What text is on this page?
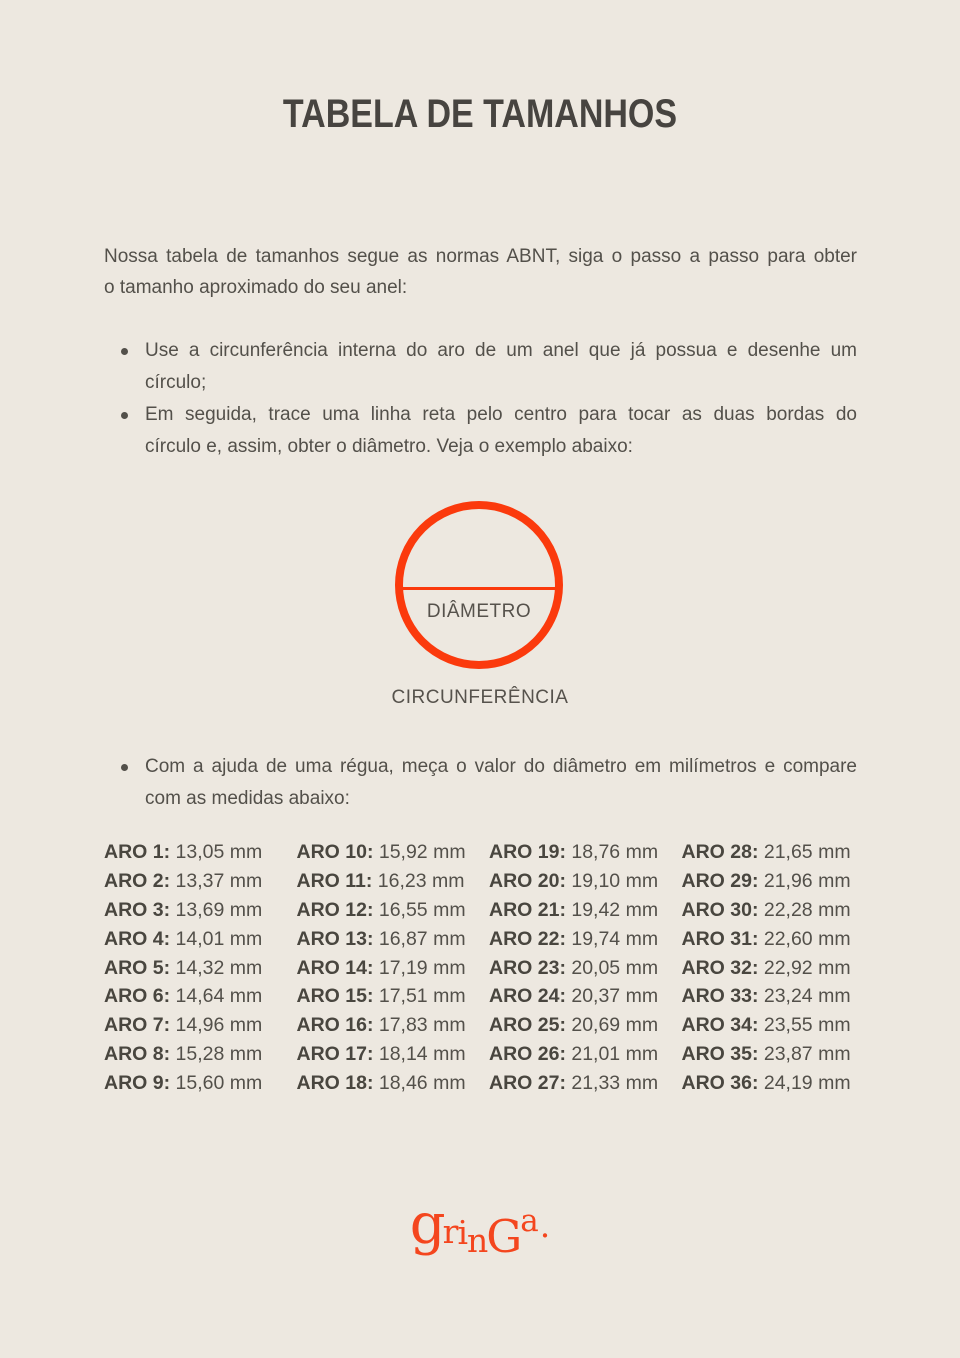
TABELA DE TAMANHOS
Nossa tabela de tamanhos segue as normas ABNT, siga o passo a passo para obter
o tamanho aproximado do seu anel:
Use a circunferência interna do aro de um anel que já possua e desenhe um
círculo;
Em seguida, trace uma linha reta pelo centro para tocar as duas bordas do
círculo e, assim, obter o diâmetro. Veja o exemplo abaixo:
DIÂMETRO
CIRCUNFERÊNCIA
Com a ajuda de uma régua, meça o valor do diâmetro em milímetros e compare
com as medidas abaixo:
ARO 1: 13,05 mm
ARO 2: 13,37 mm
ARO 3: 13,69 mm
ARO 4: 14,01 mm
ARO 5: 14,32 mm
ARO 6: 14,64 mm
ARO 7: 14,96 mm
ARO 8: 15,28 mm
ARO 9: 15,60 mm
ARO 10: 15,92 mm
ARO 11: 16,23 mm
ARO 12: 16,55 mm
ARO 13: 16,87 mm
ARO 14: 17,19 mm
ARO 15: 17,51 mm
ARO 16: 17,83 mm
ARO 17: 18,14 mm
ARO 18: 18,46 mm
ARO 19: 18,76 mm
ARO 20: 19,10 mm
ARO 21: 19,42 mm
ARO 22: 19,74 mm
ARO 23: 20,05 mm
ARO 24: 20,37 mm
ARO 25: 20,69 mm
ARO 26: 21,01 mm
ARO 27: 21,33 mm
ARO 28: 21,65 mm
ARO 29: 21,96 mm
ARO 30: 22,28 mm
ARO 31: 22,60 mm
ARO 32: 22,92 mm
ARO 33: 23,24 mm
ARO 34: 23,55 mm
ARO 35: 23,87 mm
ARO 36: 24,19 mm
grinGa.
